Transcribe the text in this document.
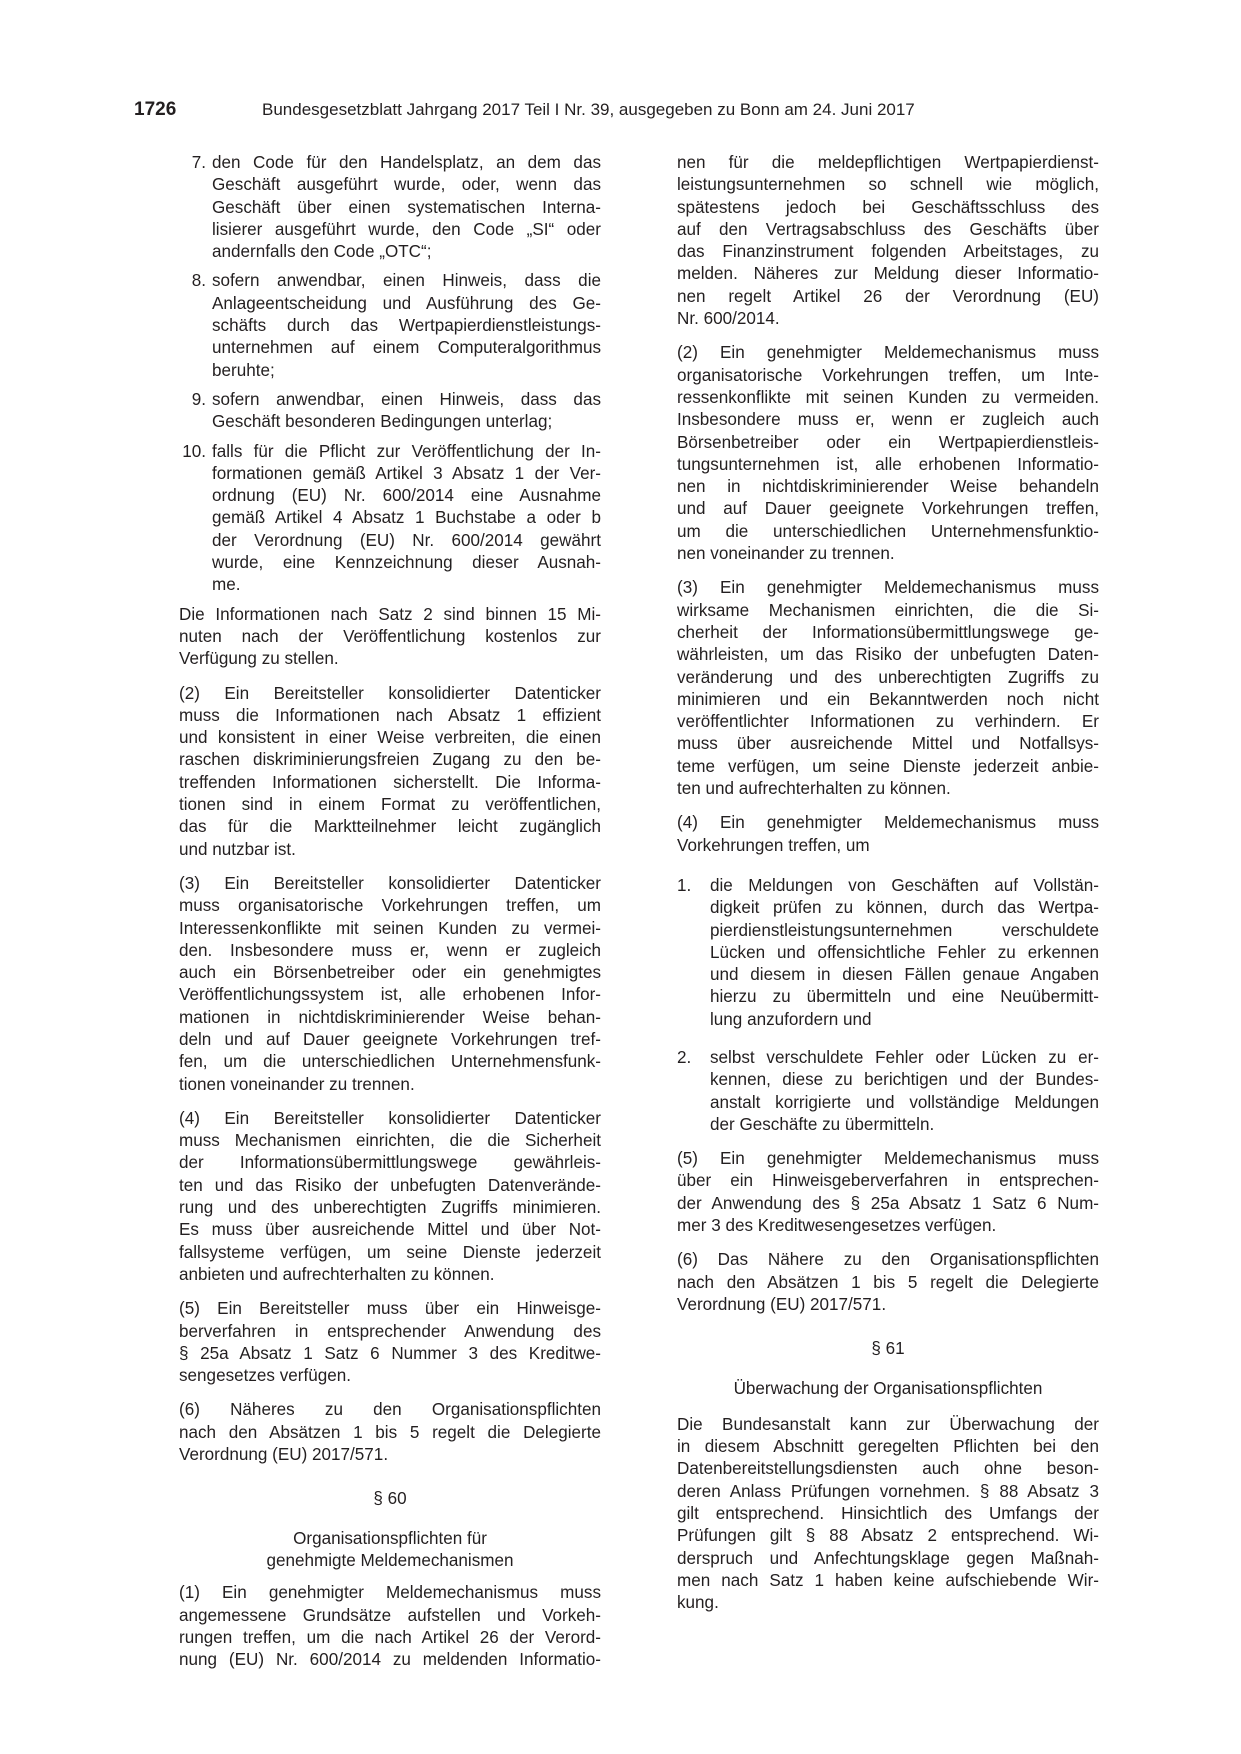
1726	Bundesgesetzblatt Jahrgang 2017 Teil I Nr. 39, ausgegeben zu Bonn am 24. Juni 2017
7. den Code für den Handelsplatz, an dem das
Geschäft ausgeführt wurde, oder, wenn das
Geschäft über einen systematischen Interna-
lisierer ausgeführt wurde, den Code „SI“ oder
andernfalls den Code „OTC“;
8. sofern anwendbar, einen Hinweis, dass die
Anlageentscheidung und Ausführung des Ge-
schäfts durch das Wertpapierdienstleistungs-
unternehmen auf einem Computeralgorithmus
beruhte;
9. sofern anwendbar, einen Hinweis, dass das
Geschäft besonderen Bedingungen unterlag;
10. falls für die Pflicht zur Veröffentlichung der In-
formationen gemäß Artikel 3 Absatz 1 der Ver-
ordnung (EU) Nr. 600/2014 eine Ausnahme
gemäß Artikel 4 Absatz 1 Buchstabe a oder b
der Verordnung (EU) Nr. 600/2014 gewährt
wurde, eine Kennzeichnung dieser Ausnah-
me.
Die Informationen nach Satz 2 sind binnen 15 Mi-
nuten nach der Veröffentlichung kostenlos zur
Verfügung zu stellen.
(2) Ein Bereitsteller konsolidierter Datenticker
muss die Informationen nach Absatz 1 effizient
und konsistent in einer Weise verbreiten, die einen
raschen diskriminierungsfreien Zugang zu den be-
treffenden Informationen sicherstellt. Die Informa-
tionen sind in einem Format zu veröffentlichen,
das für die Marktteilnehmer leicht zugänglich
und nutzbar ist.
(3) Ein Bereitsteller konsolidierter Datenticker
muss organisatorische Vorkehrungen treffen, um
Interessenkonflikte mit seinen Kunden zu vermei-
den. Insbesondere muss er, wenn er zugleich
auch ein Börsenbetreiber oder ein genehmigtes
Veröffentlichungssystem ist, alle erhobenen Infor-
mationen in nichtdiskriminierender Weise behan-
deln und auf Dauer geeignete Vorkehrungen tref-
fen, um die unterschiedlichen Unternehmensfunk-
tionen voneinander zu trennen.
(4) Ein Bereitsteller konsolidierter Datenticker
muss Mechanismen einrichten, die die Sicherheit
der Informationsübermittlungswege gewährleis-
ten und das Risiko der unbefugten Datenverände-
rung und des unberechtigten Zugriffs minimieren.
Es muss über ausreichende Mittel und über Not-
fallsysteme verfügen, um seine Dienste jederzeit
anbieten und aufrechterhalten zu können.
(5) Ein Bereitsteller muss über ein Hinweisge-
berverfahren in entsprechender Anwendung des
§ 25a Absatz 1 Satz 6 Nummer 3 des Kreditwe-
sengesetzes verfügen.
(6) Näheres zu den Organisationspflichten
nach den Absätzen 1 bis 5 regelt die Delegierte
Verordnung (EU) 2017/571.
§ 60
Organisationspflichten für
genehmigte Meldemechanismen
(1) Ein genehmigter Meldemechanismus muss
angemessene Grundsätze aufstellen und Vorkeh-
rungen treffen, um die nach Artikel 26 der Verord-
nung (EU) Nr. 600/2014 zu meldenden Informatio-
nen für die meldepflichtigen Wertpapierdienst-
leistungsunternehmen so schnell wie möglich,
spätestens jedoch bei Geschäftsschluss des
auf den Vertragsabschluss des Geschäfts über
das Finanzinstrument folgenden Arbeitstages, zu
melden. Näheres zur Meldung dieser Informatio-
nen regelt Artikel 26 der Verordnung (EU)
Nr. 600/2014.
(2) Ein genehmigter Meldemechanismus muss
organisatorische Vorkehrungen treffen, um Inte-
ressenkonflikte mit seinen Kunden zu vermeiden.
Insbesondere muss er, wenn er zugleich auch
Börsenbetreiber oder ein Wertpapierdienstleis-
tungsunternehmen ist, alle erhobenen Informatio-
nen in nichtdiskriminierender Weise behandeln
und auf Dauer geeignete Vorkehrungen treffen,
um die unterschiedlichen Unternehmensfunktio-
nen voneinander zu trennen.
(3) Ein genehmigter Meldemechanismus muss
wirksame Mechanismen einrichten, die die Si-
cherheit der Informationsübermittlungswege ge-
währleisten, um das Risiko der unbefugten Daten-
veränderung und des unberechtigten Zugriffs zu
minimieren und ein Bekanntwerden noch nicht
veröffentlichter Informationen zu verhindern. Er
muss über ausreichende Mittel und Notfallsys-
teme verfügen, um seine Dienste jederzeit anbie-
ten und aufrechterhalten zu können.
(4) Ein genehmigter Meldemechanismus muss
Vorkehrungen treffen, um
1.	die Meldungen von Geschäften auf Vollstän-
digkeit prüfen zu können, durch das Wertpa-
pierdienstleistungsunternehmen verschuldete
Lücken und offensichtliche Fehler zu erkennen
und diesem in diesen Fällen genaue Angaben
hierzu zu übermitteln und eine Neuübermitt-
lung anzufordern und
2.	selbst verschuldete Fehler oder Lücken zu er-
kennen, diese zu berichtigen und der Bundes-
anstalt korrigierte und vollständige Meldungen
der Geschäfte zu übermitteln.
(5) Ein genehmigter Meldemechanismus muss
über ein Hinweisgeberverfahren in entsprechen-
der Anwendung des § 25a Absatz 1 Satz 6 Num-
mer 3 des Kreditwesengesetzes verfügen.
(6) Das Nähere zu den Organisationspflichten
nach den Absätzen 1 bis 5 regelt die Delegierte
Verordnung (EU) 2017/571.
§ 61
Überwachung der Organisationspflichten
Die Bundesanstalt kann zur Überwachung der
in diesem Abschnitt geregelten Pflichten bei den
Datenbereitstellungsdiensten auch ohne beson-
deren Anlass Prüfungen vornehmen. § 88 Absatz 3
gilt entsprechend. Hinsichtlich des Umfangs der
Prüfungen gilt § 88 Absatz 2 entsprechend. Wi-
derspruch und Anfechtungsklage gegen Maßnah-
men nach Satz 1 haben keine aufschiebende Wir-
kung.
